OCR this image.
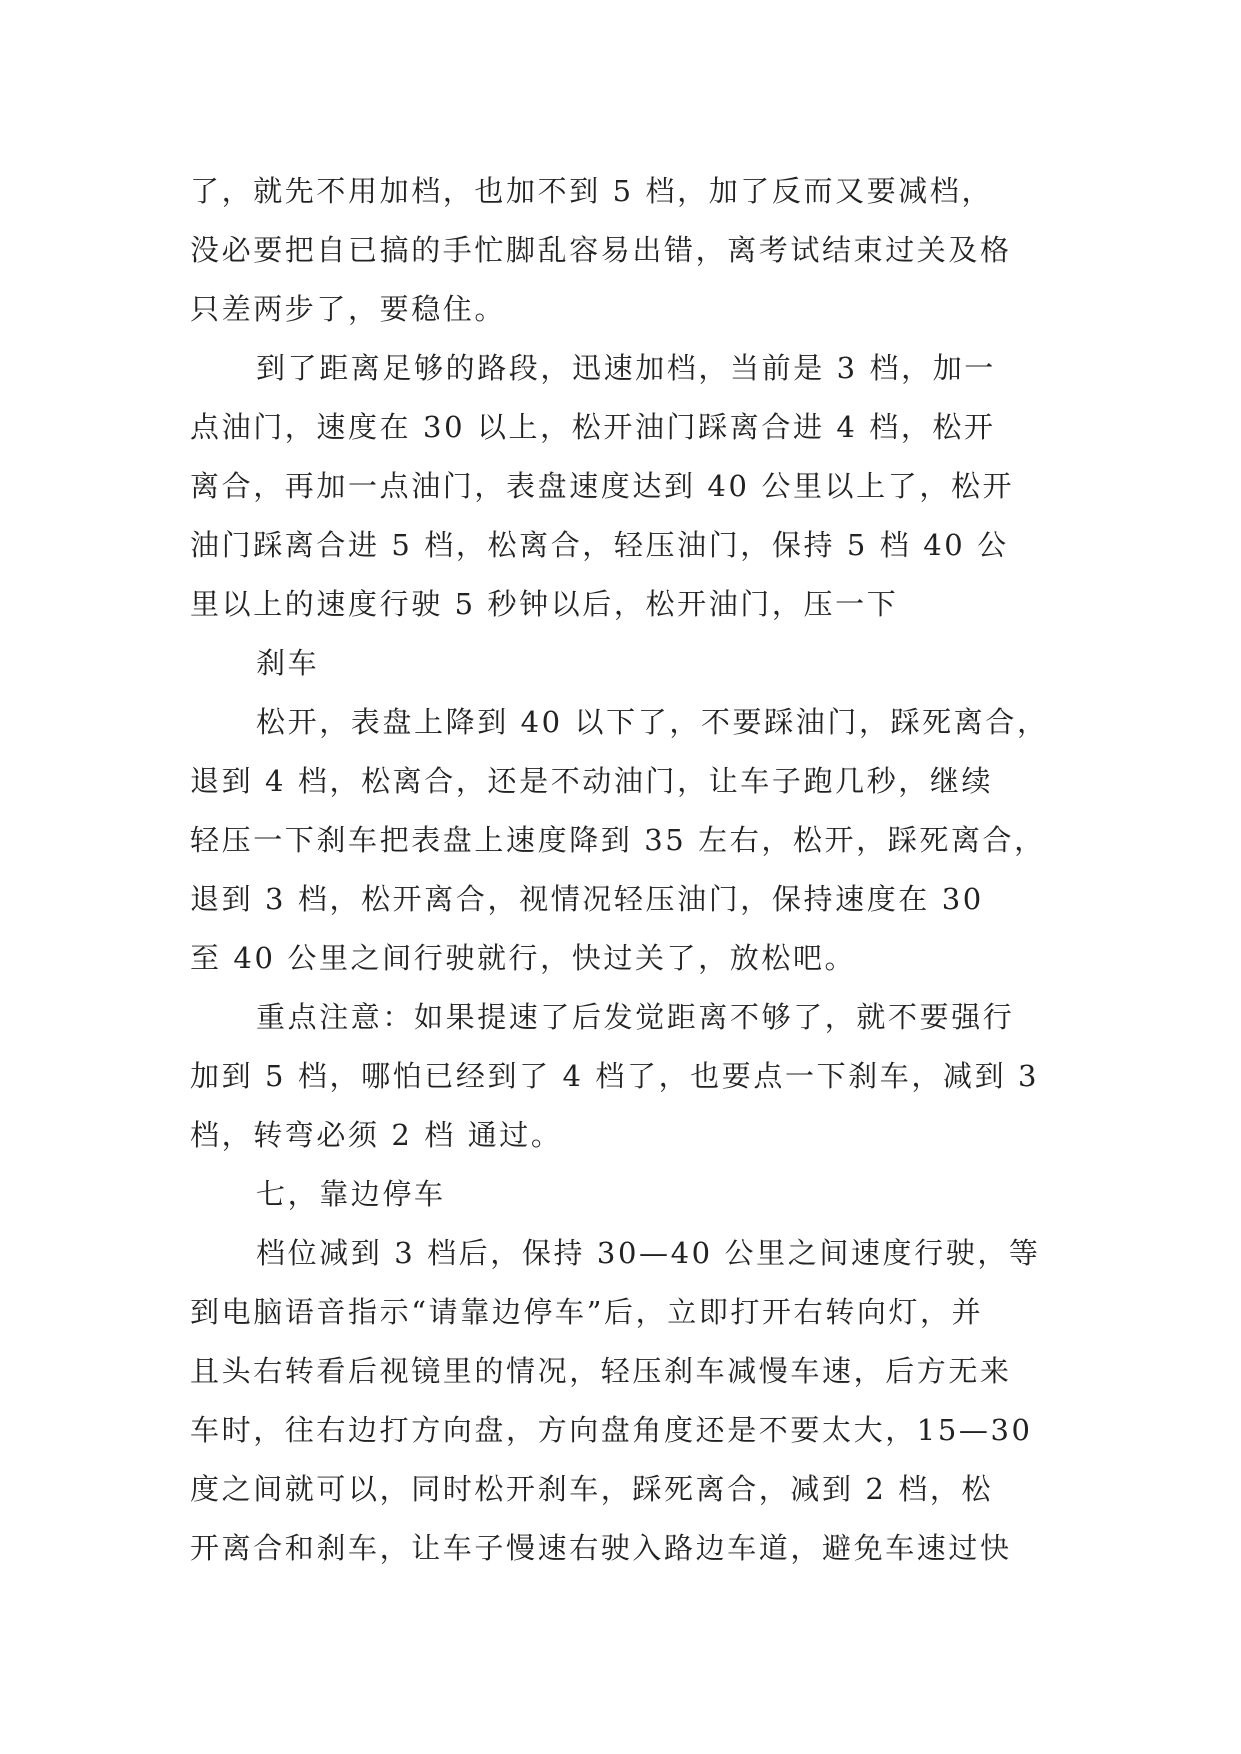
了，就先不用加档，也加不到 5 档，加了反而又要减档，
没必要把自已搞的手忙脚乱容易出错，离考试结束过关及格
只差两步了，要稳住。
到了距离足够的路段，迅速加档，当前是 3 档，加一
点油门，速度在 30 以上，松开油门踩离合进 4 档，松开
离合，再加一点油门，表盘速度达到 40 公里以上了，松开
油门踩离合进 5 档，松离合，轻压油门，保持 5 档 40 公
里以上的速度行驶 5 秒钟以后，松开油门，压一下
刹车
松开，表盘上降到 40 以下了，不要踩油门，踩死离合，
退到 4 档，松离合，还是不动油门，让车子跑几秒，继续
轻压一下刹车把表盘上速度降到 35 左右，松开，踩死离合，
退到 3 档，松开离合，视情况轻压油门，保持速度在 30
至 40 公里之间行驶就行，快过关了，放松吧。
重点注意：如果提速了后发觉距离不够了，就不要强行
加到 5 档，哪怕已经到了 4 档了，也要点一下刹车，减到 3
档，转弯必须 2 档 通过。
七，靠边停车
档位减到 3 档后，保持 30—40 公里之间速度行驶，等
到电脑语音指示“请靠边停车”后，立即打开右转向灯，并
且头右转看后视镜里的情况，轻压刹车减慢车速，后方无来
车时，往右边打方向盘，方向盘角度还是不要太大，15—30
度之间就可以，同时松开刹车，踩死离合，减到 2 档，松
开离合和刹车，让车子慢速右驶入路边车道，避免车速过快
